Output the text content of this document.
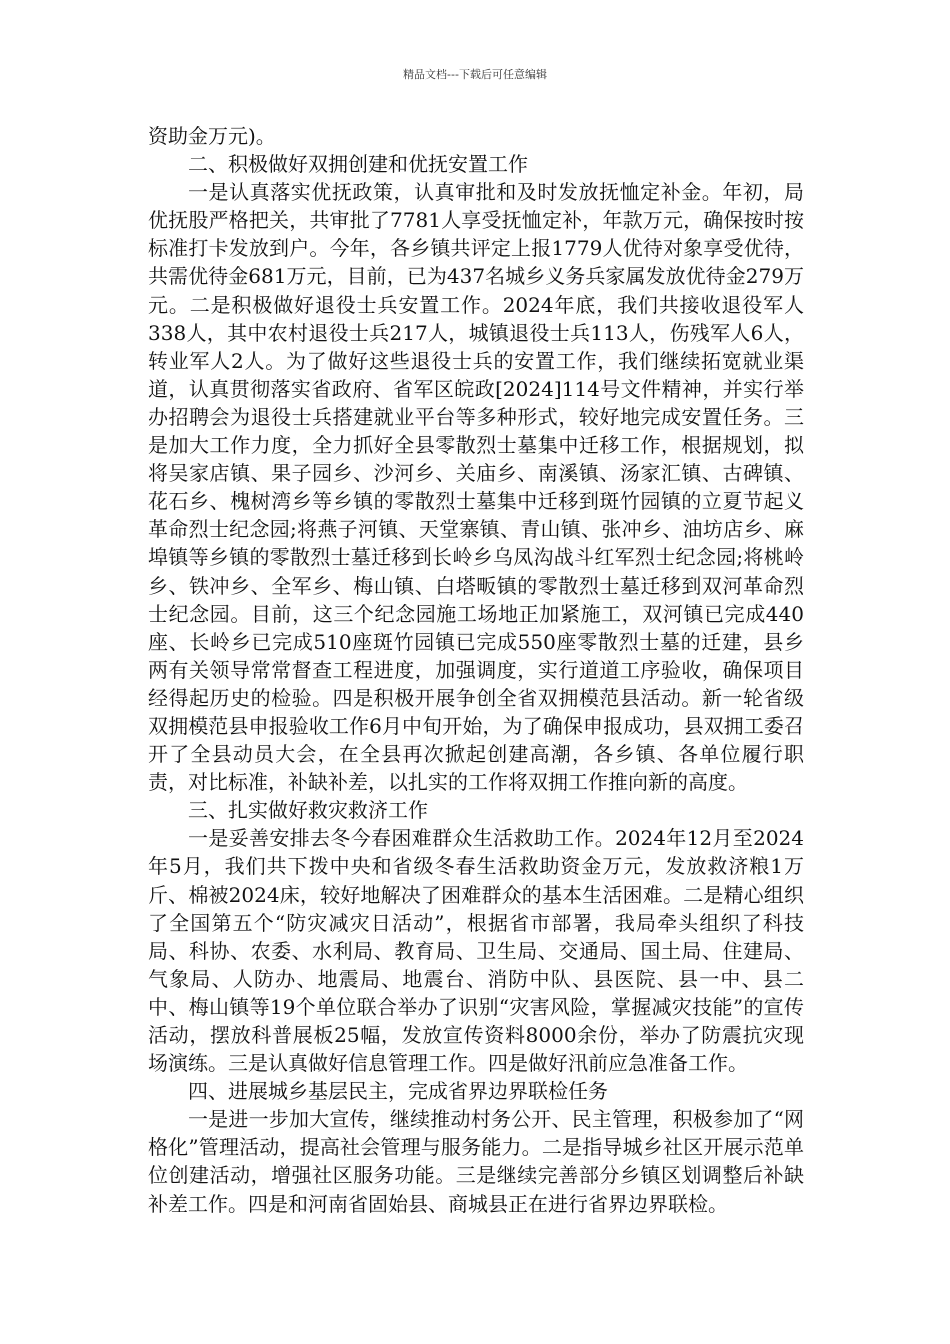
精品文档---下载后可任意编辑

资助金万元)。

二、积极做好双拥创建和优抚安置工作

一是认真落实优抚政策，认真审批和及时发放抚恤定补金。年初，局优抚股严格把关，共审批了7781人享受抚恤定补，年款万元，确保按时按标准打卡发放到户。今年，各乡镇共评定上报1779人优待对象享受优待，共需优待金681万元，目前，已为437名城乡义务兵家属发放优待金279万元。二是积极做好退役士兵安置工作。2024年底，我们共接收退役军人338人，其中农村退役士兵217人，城镇退役士兵113人，伤残军人6人，转业军人2人。为了做好这些退役士兵的安置工作，我们继续拓宽就业渠道，认真贯彻落实省政府、省军区皖政[2024]114号文件精神，并实行举办招聘会为退役士兵搭建就业平台等多种形式，较好地完成安置任务。三是加大工作力度，全力抓好全县零散烈士墓集中迁移工作，根据规划，拟将吴家店镇、果子园乡、沙河乡、关庙乡、南溪镇、汤家汇镇、古碑镇、花石乡、槐树湾乡等乡镇的零散烈士墓集中迁移到斑竹园镇的立夏节起义革命烈士纪念园;将燕子河镇、天堂寨镇、青山镇、张冲乡、油坊店乡、麻埠镇等乡镇的零散烈士墓迁移到长岭乡乌凤沟战斗红军烈士纪念园;将桃岭乡、铁冲乡、全军乡、梅山镇、白塔畈镇的零散烈士墓迁移到双河革命烈士纪念园。目前，这三个纪念园施工场地正加紧施工，双河镇已完成440座、长岭乡已完成510座斑竹园镇已完成550座零散烈士墓的迁建，县乡两有关领导常常督查工程进度，加强调度，实行道道工序验收，确保项目经得起历史的检验。四是积极开展争创全省双拥模范县活动。新一轮省级双拥模范县申报验收工作6月中旬开始，为了确保申报成功，县双拥工委召开了全县动员大会，在全县再次掀起创建高潮，各乡镇、各单位履行职责，对比标准，补缺补差，以扎实的工作将双拥工作推向新的高度。

三、扎实做好救灾救济工作

一是妥善安排去冬今春困难群众生活救助工作。2024年12月至2024年5月，我们共下拨中央和省级冬春生活救助资金万元，发放救济粮1万斤、棉被2024床，较好地解决了困难群众的基本生活困难。二是精心组织了全国第五个“防灾减灾日活动”，根据省市部署，我局牵头组织了科技局、科协、农委、水利局、教育局、卫生局、交通局、国土局、住建局、气象局、人防办、地震局、地震台、消防中队、县医院、县一中、县二中、梅山镇等19个单位联合举办了识别“灾害风险，掌握减灾技能”的宣传活动，摆放科普展板25幅，发放宣传资料8000余份，举办了防震抗灾现场演练。三是认真做好信息管理工作。四是做好汛前应急准备工作。

四、进展城乡基层民主，完成省界边界联检任务

一是进一步加大宣传，继续推动村务公开、民主管理，积极参加了“网格化”管理活动，提高社会管理与服务能力。二是指导城乡社区开展示范单位创建活动，增强社区服务功能。三是继续完善部分乡镇区划调整后补缺补差工作。四是和河南省固始县、商城县正在进行省界边界联检。
